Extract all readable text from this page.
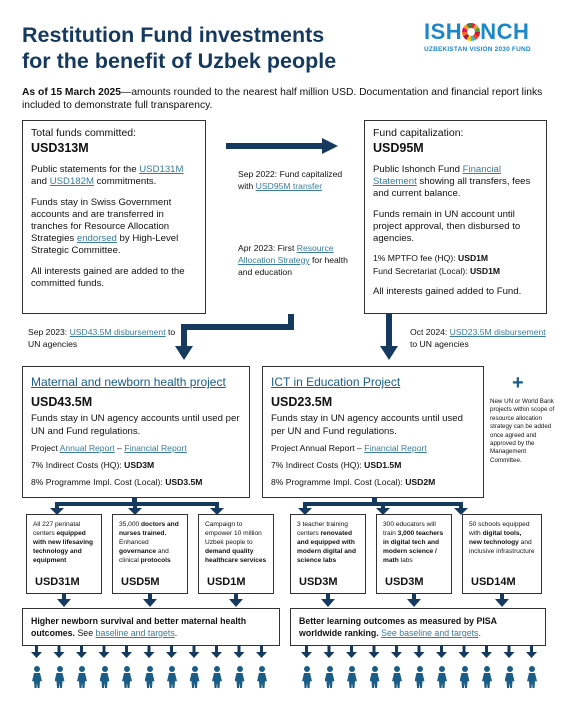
Restitution Fund investments
for the benefit of Uzbek people
ISH NCH
UZBEKISTAN VISION 2030 FUND
As of 15 March 2025—amounts rounded to the nearest half million USD. Documentation and financial report links included to demonstrate full transparency.
Total funds committed:
USD313M
Public statements for the USD131M and USD182M commitments.
Funds stay in Swiss Government accounts and are transferred in tranches for Resource Allocation Strategies endorsed by High-Level Strategic Committee.
All interests gained are added to the committed funds.
Sep 2022: Fund capitalized with USD95M transfer
Apr 2023: First Resource Allocation Strategy for health and education
Fund capitalization:
USD95M
Public Ishonch Fund Financial Statement showing all transfers, fees and current balance.
Funds remain in UN account until project approval, then disbursed to agencies.
1% MPTFO fee (HQ): USD1M
Fund Secretariat (Local): USD1M
All interests gained added to Fund.
Sep 2023: USD43.5M disbursement to UN agencies
Oct 2024: USD23.5M disbursement to UN agencies
Maternal and newborn health project
USD43.5M
Funds stay in UN agency accounts until used per UN and Fund regulations.
Project Annual Report – Financial Report
7% Indirect Costs (HQ): USD3M
8% Programme Impl. Cost (Local): USD3.5M
ICT in Education Project
USD23.5M
Funds stay in UN agency accounts until used per UN and Fund regulations.
Project Annual Report – Financial Report
7% Indirect Costs (HQ): USD1.5M
8% Programme Impl. Cost (Local): USD2M
+
New UN or World Bank projects within scope of resource allocation strategy can be added once agreed and approved by the Management Committee.
All 227 perinatal centers equipped with new lifesaving technology and equipment
USD31M
35,000 doctors and nurses trained. Enhanced governance and clinical protocols
USD5M
Campaign to empower 10 million Uzbek people to demand quality healthcare services
USD1M
3 teacher training centers renovated and equipped with modern digital and science labs
USD3M
300 educators will train 3,000 teachers in digital tech and modern science / math labs
USD3M
50 schools equipped with digital tools, new technology and inclusive infrastructure
USD14M
Higher newborn survival and better maternal health outcomes. See baseline and targets.
Better learning outcomes as measured by PISA worldwide ranking. See baseline and targets.
